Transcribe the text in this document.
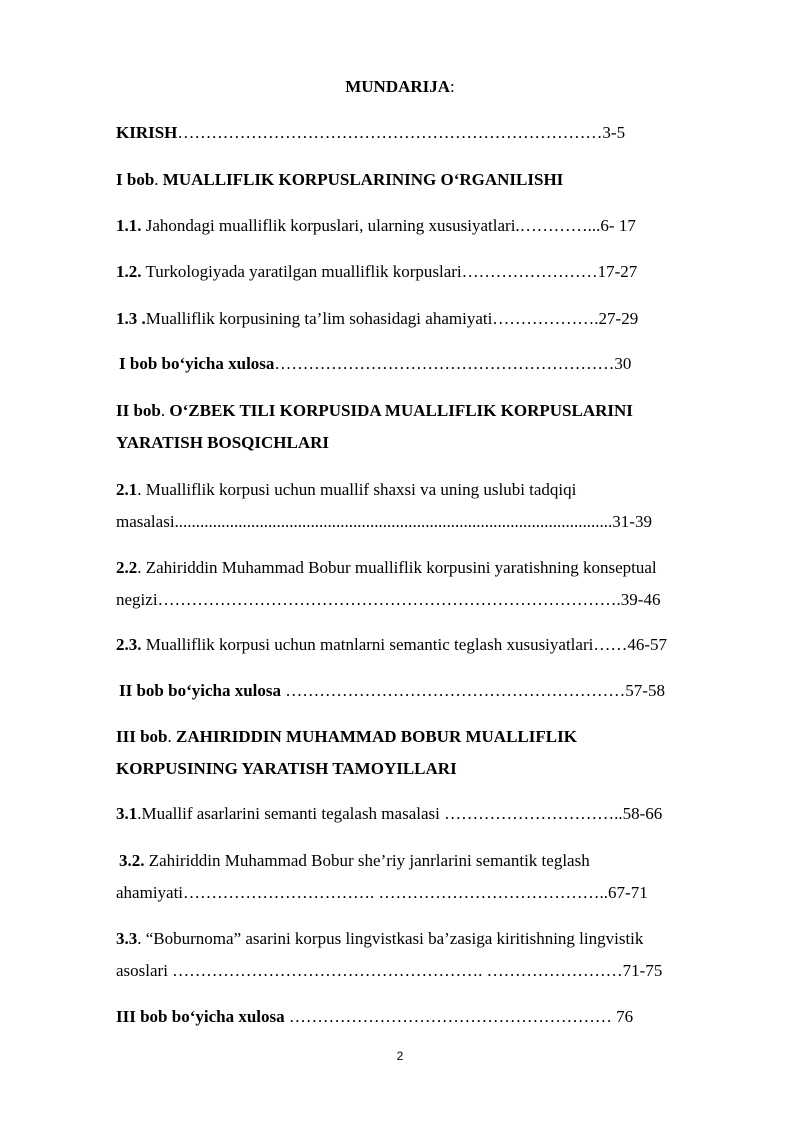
MUNDARIJA:
KIRISH…………………………………………………………………3-5
I bob. MUALLIFLIK KORPUSLARINING O‘RGANILISHI
1.1. Jahondagi mualliflik korpuslari, ularning xususiyatlari.…………...6- 17
1.2. Turkologiyada yaratilgan mualliflik korpuslari……………………17-27
1.3 .Mualliflik korpusining ta’lim sohasidagi ahamiyati……………….27-29
I bob bo‘yicha xulosa……………………………………………………30
II bob. O‘ZBEK TILI KORPUSIDA MUALLIFLIK KORPUSLARINI
YARATISH BOSQICHLARI
2.1. Mualliflik korpusi uchun muallif shaxsi va uning uslubi tadqiqi
masalasi.......................................................................................................31-39
2.2. Zahiriddin Muhammad Bobur mualliflik korpusini yaratishning konseptual
negizi……………………………………………………………………….39-46
2.3. Mualliflik korpusi uchun matnlarni semantic teglash xususiyatlari……46-57
II bob bo‘yicha xulosa ……………………………………………………57-58
III bob. ZAHIRIDDIN MUHAMMAD BOBUR MUALLIFLIK
KORPUSINING YARATISH TAMOYILLARI
3.1.Muallif asarlarini semanti tegalash masalasi …………………………..58-66
3.2. Zahiriddin Muhammad Bobur she’riy janrlarini semantik teglash
ahamiyati……………………………. …………………………………..67-71
3.3. “Boburnoma” asarini korpus lingvistkasi ba’zasiga kiritishning lingvistik
asoslari ………………………………………………. ……………………71-75
III bob bo‘yicha xulosa ………………………………………………… 76
2
